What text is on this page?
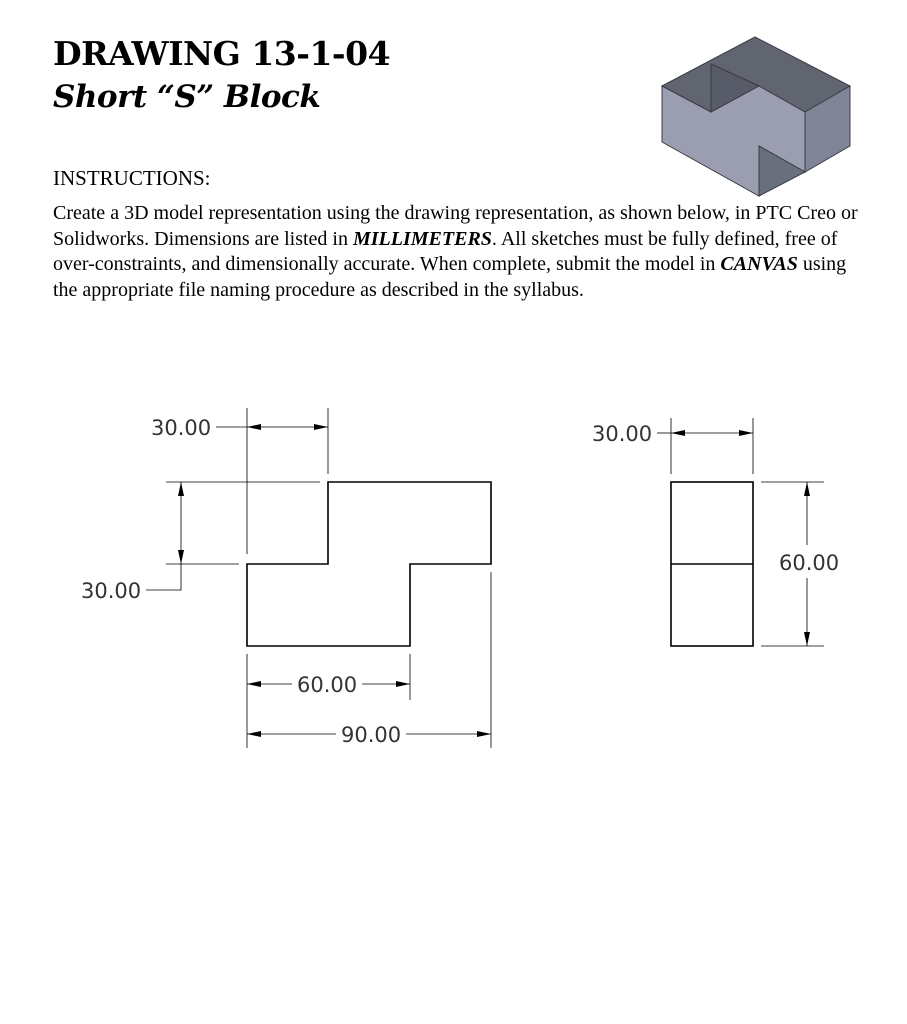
DRAWING 13-1-04
Short “S” Block

INSTRUCTIONS:

Create a 3D model representation using the drawing representation, as shown below, in PTC Creo or Solidworks. Dimensions are listed in MILLIMETERS. All sketches must be fully defined, free of over-constraints, and dimensionally accurate. When complete, submit the model in CANVAS using the appropriate file naming procedure as described in the syllabus.

30.00
30.00
60.00
90.00
30.00
60.00
